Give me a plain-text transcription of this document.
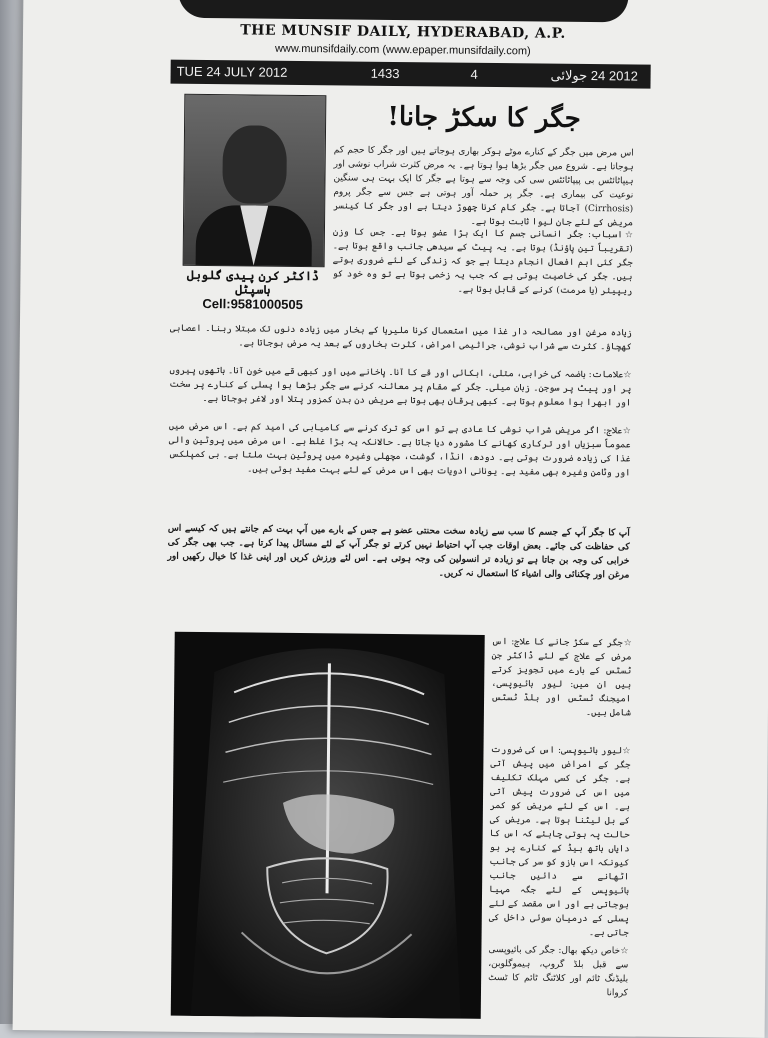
THE MUNSIF DAILY, HYDERABAD, A.P.
www.munsifdaily.com (www.epaper.munsifdaily.com)
TUE 24 JULY 2012	1433	4	2012 24 جولائی
ڈاکٹر کرن پیدی گلوبل ہاسپٹل
Cell:9581000505
جگر کا سکڑ جانا!
اس مرض میں جگر کے کنارے موٹے ہوکر بھاری ہوجاتے ہیں اور جگر کا حجم کم ہوجاتا ہے۔ شروع میں جگر بڑھا ہوا ہوتا ہے۔ یہ مرض کثرت شراب نوشی اور ہیپاٹائٹس بی پیپاٹائٹس سی کی وجہ سے ہوتا ہے جگر کا ایک بہت ہی سنگین نوعیت کی بیماری ہے۔ جگر پر حملہ آور ہوتی ہے جس سے جگر پروم (Cirrhosis) آجاتا ہے۔ جگر کام کرنا چھوڑ دیتا ہے اور جگر کا کینسر مریض کے لئے جان لیوا ثابت ہوتا ہے۔
☆اسباب: جگر انسانی جسم کا ایک بڑا عضو ہوتا ہے۔ جس کا وزن (تقریباً تین پاؤنڈ) ہوتا ہے۔ یہ پیٹ کے سیدھی جانب واقع ہوتا ہے۔ جگر کئی اہم افعال انجام دیتا ہے جو کہ زندگی کے لئے ضروری ہوتے ہیں۔ جگر کی خاصیت ہوتی ہے کہ جب یہ زخمی ہوتا ہے تو وہ خود کو ریپیئر (یا مرمت) کرنے کے قابل ہوتا ہے۔
زیادہ مرغن اور مصالحہ دار غذا میں استعمال کرنا ملیریا کے بخار میں زیادہ دنوں تک مبتلا رہنا۔ اعصابی کھچاؤ۔ کثرت سے شراب نوشی، جراثیمی امراض، کثرت بخاروں کے بعد یہ مرض ہوجاتا ہے۔
☆علامات: ہاضمہ کی خرابی، متلی، ابکائی اور قے کا آنا۔ پاخانے میں اور کبھی قے میں خون آنا۔ ہاتھوں پیروں پر اور پیٹ پر سوجن۔ زبان میلی۔ جگر کے مقام پر معائنہ کرنے سے جگر بڑھا ہوا پسلی کے کنارے پر سخت اور ابھرا ہوا معلوم ہوتا ہے۔ کبھی یرقان بھی ہوتا ہے مریض دن بدن کمزور پتلا اور لاغر ہوجاتا ہے۔
☆علاج: اگر مریض شراب نوشی کا عادی ہے تو اس کو ترک کرنے سے کامیابی کی امید کم ہے۔ اس مرض میں عموماً سبزیاں اور ترکاری کھانے کا مشورہ دیا جاتا ہے۔ حالانکہ یہ بڑا غلط ہے۔ اس مرض میں پروٹین والی غذا کی زیادہ ضرورت ہوتی ہے۔ دودھ، انڈا، گوشت، مچھلی وغیرہ میں پروٹین بہت ملتا ہے۔ بی کمپلکس اور وٹامن وغیرہ بھی مفید ہے۔ یونانی ادویات بھی اس مرض کے لئے بہت مفید ہوتی ہیں۔
آپ کا جگر آپ کے جسم کا سب سے زیادہ سخت محنتی عضو ہے جس کے بارے میں آپ بہت کم جانتے ہیں کہ کیسے اس کی حفاظت کی جائے۔ بعض اوقات جب آپ احتیاط نہیں کرتے تو جگر آپ کے لئے مسائل پیدا کرتا ہے۔ جب بھی جگر کی خرابی کی وجہ بن جاتا ہے تو زیادہ تر انسولین کی وجہ ہوتی ہے۔ اس لئے ورزش کریں اور اپنی غذا کا خیال رکھیں اور مرغن اور چکنائی والی اشیاء کا استعمال نہ کریں۔
☆جگر کے سکڑ جانے کا علاج: اس مرض کے علاج کے لئے ڈاکٹر جن ٹسٹس کے بارے میں تجویز کرتے ہیں ان میں: لیور بائیوپسی، امیجنگ ٹسٹس اور بلڈ ٹسٹس شامل ہیں۔
☆لیور بائیوپسی: اس کی ضرورت جگر کے امراض میں پیش آتی ہے۔ جگر کی کسی مہلک تکلیف میں اس کی ضرورت پیش آتی ہے۔ اس کے لئے مریض کو کمر کے بل لیٹنا ہوتا ہے۔ مریض کی حالت پہ ہوتی چاہئے کہ اس کا دایاں ہاتھ بیڈ کے کنارے پر ہو کیونکہ اس بازو کو سر کی جانب اٹھانے سے دائیں جانب بائیوپسی کے لئے جگہ مہیا ہوجاتی ہے اور اس مقصد کے لئے پسلی کے درمیان سوئی داخل کی جاتی ہے۔
☆خاص دیکھ بھال: جگر کی بائیوپسی سے قبل بلڈ گروپ، ہیموگلوبن، بلیڈنگ ٹائم اور کلاٹنگ ٹائم کا ٹسٹ کروانا
